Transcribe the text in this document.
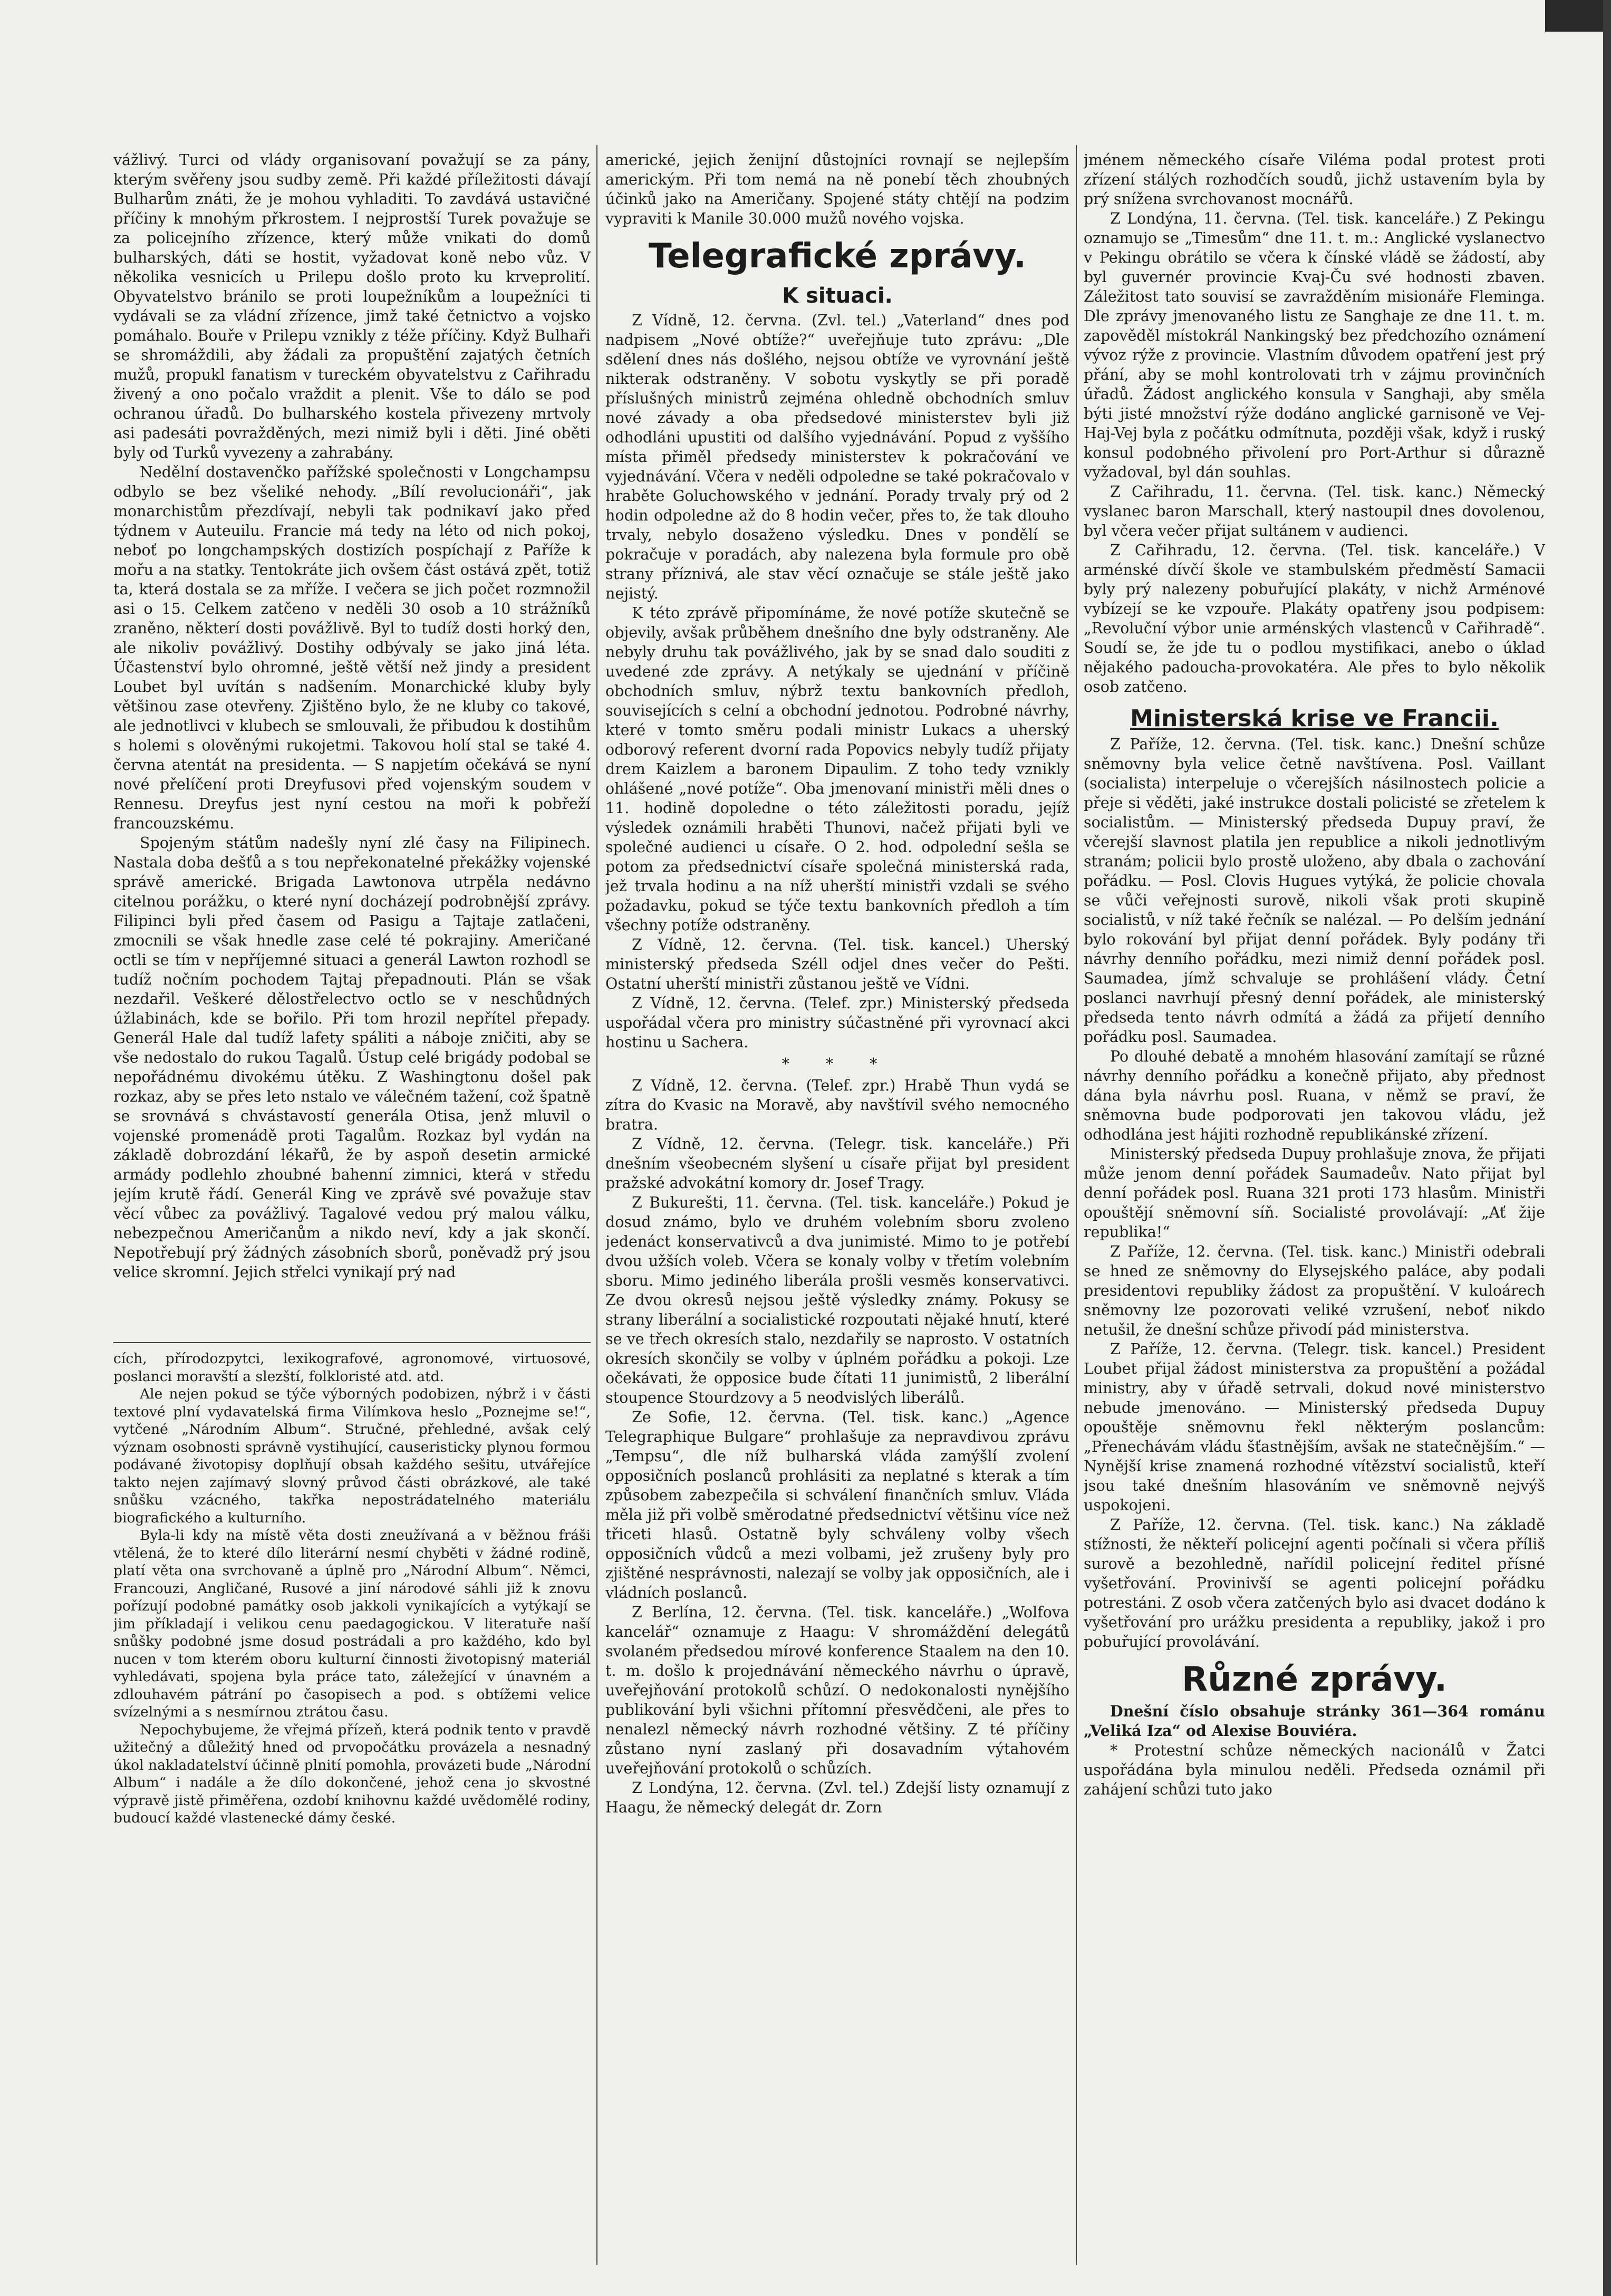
vážlivý. Turci od vlády organisovaní považují se za pány, kterým svěřeny jsou sudby země. Při každé příležitosti dávají Bulharům znáti, že je mohou vyhladiti. To zavdává ustavičné příčiny k mnohým přkrostem. I nejprostší Turek považuje se za policejního zřízence, který může vnikati do domů bulharských, dáti se hostit, vyžadovat koně nebo vůz. V několika vesnicích u Prilepu došlo proto ku krveprolití. Obyvatelstvo bránilo se proti loupežníkům a loupežníci ti vydávali se za vládní zřízence, jimž také četnictvo a vojsko pomáhalo. Bouře v Prilepu vznikly z téže příčiny. Když Bulhaři se shromáždili, aby žádali za propuštění zajatých četních mužů, propukl fanatism v tureckém obyvatelstvu z Cařihradu živený a ono počalo vraždit a plenit. Vše to dálo se pod ochranou úřadů. Do bulharského kostela přivezeny mrtvoly asi padesáti povražděných, mezi nimiž byli i děti. Jiné oběti byly od Turků vyvezeny a zahrabány.

Nedělní dostavenčko pařížské společnosti v Longchampsu odbylo se bez všeliké nehody. „Bílí revolucionáři“, jak monarchistům přezdívají, nebyli tak podnikaví jako před týdnem v Auteuilu. Francie má tedy na léto od nich pokoj, neboť po longchampských dostizích pospíchají z Paříže k mořu a na statky. Tentokráte jich ovšem část ostává zpět, totiž ta, která dostala se za mříže. I večera se jich počet rozmnožil asi o 15. Celkem zatčeno v neděli 30 osob a 10 strážníků zraněno, některí dosti povážlivě. Byl to tudíž dosti horký den, ale nikoliv povážlivý. Dostihy odbývaly se jako jiná léta. Účastenství bylo ohromné, ještě větší než jindy a president Loubet byl uvítán s nadšením. Monarchické kluby byly většinou zase otevřeny. Zjištěno bylo, že ne kluby co takové, ale jednotlivci v klubech se smlouvali, že přibudou k dostihům s holemi s olověnými rukojetmi. Takovou holí stal se také 4. června atentát na presidenta. — S napjetím očekává se nyní nové přelíčení proti Dreyfusovi před vojenským soudem v Rennesu. Dreyfus jest nyní cestou na moři k pobřeží francouzskému.

Spojeným státům nadešly nyní zlé časy na Filipinech. Nastala doba dešťů a s tou nepřekonatelné překážky vojenské správě americké. Brigada Lawtonova utrpěla nedávno citelnou porážku, o které nyní docházejí podrobnější zprávy. Filipinci byli před časem od Pasigu a Tajtaje zatlačeni, zmocnili se však hnedle zase celé té pokrajiny. Američané octli se tím v nepříjemné situaci a generál Lawton rozhodl se tudíž nočním pochodem Tajtaj přepadnouti. Plán se však nezdařil. Veškeré dělostřelectvo octlo se v neschůdných úžlabinách, kde se bořilo. Při tom hrozil nepřítel přepady. Generál Hale dal tudíž lafety spáliti a náboje zničiti, aby se vše nedostalo do rukou Tagalů. Ústup celé brigády podobal se nepořádnému divokému útěku. Z Washingtonu došel pak rozkaz, aby se přes leto nstalo ve válečném tažení, což špatně se srovnává s chvástavostí generála Otisa, jenž mluvil o vojenské promenádě proti Tagalům. Rozkaz byl vydán na základě dobrozdání lékařů, že by aspoň desetin armické armády podlehlo zhoubné bahenní zimnici, která v středu jejím krutě řádí. Generál King ve zprávě své považuje stav věcí vůbec za povážlivý. Tagalové vedou prý malou válku, nebezpečnou Američanům a nikdo neví, kdy a jak skončí. Nepotřebují prý žádných zásobních sborů, poněvadž prý jsou velice skromní. Jejich střelci vynikají prý nad

cích, přírodozpytci, lexikografové, agronomové, virtuosové, poslanci moravští a slezští, folkloristé atd. atd.

Ale nejen pokud se týče výborných podobizen, nýbrž i v části textové plní vydavatelská firma Vilímkova heslo „Poznejme se!“, vytčené „Národním Album“. Stručné, přehledné, avšak celý význam osobnosti správně vystihující, causeristicky plynou formou podávané životopisy doplňují obsah každého sešitu, utvářejíce takto nejen zajímavý slovný průvod části obrázkové, ale také snůšku vzácného, takřka nepostrádatelného materiálu biografického a kulturního.

Byla-li kdy na místě věta dosti zneužívaná a v běžnou fráši vtělená, že to které dílo literární nesmí chyběti v žádné rodině, platí věta ona svrchovaně a úplně pro „Národní Album“. Němci, Francouzi, Angličané, Rusové a jiní národové sáhli již k znovu pořízují podobné památky osob jakkoli vynikajících a vytýkají se jim příkladají i velikou cenu paedagogickou. V literatuře naší snůšky podobné jsme dosud postrádali a pro každého, kdo byl nucen v tom kterém oboru kulturní činnosti životopisný materiál vyhledávati, spojena byla práce tato, záležející v únavném a zdlouhavém pátrání po časopisech a pod. s obtížemi velice svízelnými a s nesmírnou ztrátou času.

Nepochybujeme, že vřejmá přízeň, která podnik tento v pravdě užitečný a důležitý hned od prvopočátku provázela a nesnadný úkol nakladatelství účinně plnití pomohla, provázeti bude „Národní Album“ i nadále a že dílo dokončené, jehož cena jo skvostné výpravě jistě přiměřena, ozdobí knihovnu každé uvědomělé rodiny, budoucí každé vlastenecké dámy české.

americké, jejich ženijní důstojníci rovnají se nejlepším americkým. Při tom nemá na ně ponebí těch zhoubných účinků jako na Američany. Spojené státy chtějí na podzim vypraviti k Manile 30.000 mužů nového vojska.

Telegrafické zprávy.
K situaci.

Z Vídně, 12. června. (Zvl. tel.) „Vaterland“ dnes pod nadpisem „Nové obtíže?“ uveřejňuje tuto zprávu: „Dle sdělení dnes nás došlého, nejsou obtíže ve vyrovnání ještě nikterak odstraněny. V sobotu vyskytly se při poradě příslušných ministrů zejména ohledně obchodních smluv nové závady a oba předsedové ministerstev byli již odhodláni upustiti od dalšího vyjednávání. Popud z vyššího místa přiměl předsedy ministerstev k pokračování ve vyjednávání. Včera v neděli odpoledne se také pokračovalo v hraběte Goluchowského v jednání. Porady trvaly prý od 2 hodin odpoledne až do 8 hodin večer, přes to, že tak dlouho trvaly, nebylo dosaženo výsledku. Dnes v pondělí se pokračuje v poradách, aby nalezena byla formule pro obě strany příznivá, ale stav věcí označuje se stále ještě jako nejistý.

K této zprávě připomínáme, že nové potíže skutečně se objevily, avšak průběhem dnešního dne byly odstraněny. Ale nebyly druhu tak povážlivého, jak by se snad dalo souditi z uvedené zde zprávy. A netýkaly se ujednání v příčině obchodních smluv, nýbrž textu bankovních předloh, souvisejících s celní a obchodní jednotou. Podrobné návrhy, které v tomto směru podali ministr Lukacs a uherský odborový referent dvorní rada Popovics nebyly tudíž přijaty drem Kaizlem a baronem Dipaulim. Z toho tedy vznikly ohlášené „nové potíže“. Oba jmenovaní ministři měli dnes o 11. hodině dopoledne o této záležitosti poradu, jejíž výsledek oznámili hraběti Thunovi, načež přijati byli ve společné audienci u císaře. O 2. hod. odpolední sešla se potom za předsednictví císaře společná ministerská rada, jež trvala hodinu a na níž uherští ministři vzdali se svého požadavku, pokud se týče textu bankovních předloh a tím všechny potíže odstraněny.

Z Vídně, 12. června. (Tel. tisk. kancel.) Uherský ministerský předseda Széll odjel dnes večer do Pešti. Ostatní uherští ministři zůstanou ještě ve Vídni.

Z Vídně, 12. června. (Telef. zpr.) Ministerský předseda uspořádal včera pro ministry súčastněné při vyrovnací akci hostinu u Sachera.

* * *

Z Vídně, 12. června. (Telef. zpr.) Hrabě Thun vydá se zítra do Kvasic na Moravě, aby navštívil svého nemocného bratra.

Z Vídně, 12. června. (Telegr. tisk. kanceláře.) Při dnešním všeobecném slyšení u císaře přijat byl president pražské advokátní komory dr. Josef Tragy.

Z Bukurešti, 11. června. (Tel. tisk. kanceláře.) Pokud je dosud známo, bylo ve druhém volebním sboru zvoleno jedenáct konservativců a dva junimisté. Mimo to je potřebí dvou užších voleb. Včera se konaly volby v třetím volebním sboru. Mimo jediného liberála prošli vesměs konservativci. Ze dvou okresů nejsou ještě výsledky známy. Pokusy se strany liberální a socialistické rozpoutati nějaké hnutí, které se ve třech okresích stalo, nezdařily se naprosto. V ostatních okresích skončily se volby v úplném pořádku a pokoji. Lze očekávati, že opposice bude čítati 11 junimistů, 2 liberální stoupence Stourdzovy a 5 neodvislých liberálů.

Ze Sofie, 12. června. (Tel. tisk. kanc.) „Agence Telegraphique Bulgare“ prohlašuje za nepravdivou zprávu „Tempsu“, dle níž bulharská vláda zamýšlí zvolení opposičních poslanců prohlásiti za neplatné s kterak a tím způsobem zabezpečila si schválení finančních smluv. Vláda měla již při volbě směrodatné předsednictví většinu více než třiceti hlasů. Ostatně byly schváleny volby všech opposičních vůdců a mezi volbami, jež zrušeny byly pro zjištěné nesprávnosti, nalezají se volby jak opposičních, ale i vládních poslanců.

Z Berlína, 12. června. (Tel. tisk. kanceláře.) „Wolfova kancelář“ oznamuje z Haagu: V shromáždění delegátů svolaném předsedou mírové konference Staalem na den 10. t. m. došlo k projednávání německého návrhu o úpravě, uveřejňování protokolů schůzí. O nedokonalosti nynějšího publikování byli všichni přítomní přesvědčeni, ale přes to nenalezl německý návrh rozhodné většiny. Z té příčiny zůstano nyní zaslaný při dosavadním výtahovém uveřejňování protokolů o schůzích.

Z Londýna, 12. června. (Zvl. tel.) Zdejší listy oznamují z Haagu, že německý delegát dr. Zorn

jménem německého císaře Viléma podal protest proti zřízení stálých rozhodčích soudů, jichž ustavením byla by prý snížena svrchovanost mocnářů.

Z Londýna, 11. června. (Tel. tisk. kanceláře.) Z Pekingu oznamujo se „Timesům“ dne 11. t. m.: Anglické vyslanectvo v Pekingu obrátilo se včera k čínské vládě se žádostí, aby byl guvernér provincie Kvaj-Ču své hodnosti zbaven. Záležitost tato souvisí se zavražděním misionáře Fleminga. Dle zprávy jmenovaného listu ze Sanghaje ze dne 11. t. m. zapověděl místokrál Nankingský bez předchozího oznámení vývoz rýže z provincie. Vlastním důvodem opatření jest prý přání, aby se mohl kontrolovati trh v zájmu provinčních úřadů. Žádost anglického konsula v Sanghaji, aby směla býti jisté množství rýže dodáno anglické garnisoně ve Vej-Haj-Vej byla z počátku odmítnuta, později však, když i ruský konsul podobného přivolení pro Port-Arthur si důrazně vyžadoval, byl dán souhlas.

Z Cařihradu, 11. června. (Tel. tisk. kanc.) Německý vyslanec baron Marschall, který nastoupil dnes dovolenou, byl včera večer přijat sultánem v audienci.

Z Cařihradu, 12. června. (Tel. tisk. kanceláře.) V arménské dívčí škole ve stambulském předměstí Samacii byly prý nalezeny pobuřující plakáty, v nichž Arménové vybízejí se ke vzpouře. Plakáty opatřeny jsou podpisem: „Revoluční výbor unie arménských vlastenců v Cařihradě“. Soudí se, že jde tu o podlou mystifikaci, anebo o úklad nějakého padoucha-provokatéra. Ale přes to bylo několik osob zatčeno.

Ministerská krise ve Francii.

Z Paříže, 12. června. (Tel. tisk. kanc.) Dnešní schůze sněmovny byla velice četně navštívena. Posl. Vaillant (socialista) interpeluje o včerejších násilnostech policie a přeje si věděti, jaké instrukce dostali policisté se zřetelem k socialistům. — Ministerský předseda Dupuy praví, že včerejší slavnost platila jen republice a nikoli jednotlivým stranám; policii bylo prostě uloženo, aby dbala o zachování pořádku. — Posl. Clovis Hugues vytýká, že policie chovala se vůči veřejnosti surově, nikoli však proti skupině socialistů, v níž také řečník se nalézal. — Po delším jednání bylo rokování byl přijat denní pořádek. Byly podány tři návrhy denního pořádku, mezi nimiž denní pořádek posl. Saumadea, jímž schvaluje se prohlášení vlády. Četní poslanci navrhují přesný denní pořádek, ale ministerský předseda tento návrh odmítá a žádá za přijetí denního pořádku posl. Saumadea.

Po dlouhé debatě a mnohém hlasování zamítají se různé návrhy denního pořádku a konečně přijato, aby přednost dána byla návrhu posl. Ruana, v němž se praví, že sněmovna bude podporovati jen takovou vládu, jež odhodlána jest hájiti rozhodně republikánské zřízení.

Ministerský předseda Dupuy prohlašuje znova, že přijati může jenom denní pořádek Saumadeův. Nato přijat byl denní pořádek posl. Ruana 321 proti 173 hlasům. Ministři opouštějí sněmovní síň. Socialisté provolávají: „Ať žije republika!“

Z Paříže, 12. června. (Tel. tisk. kanc.) Ministři odebrali se hned ze sněmovny do Elysejského paláce, aby podali presidentovi republiky žádost za propuštění. V kuloárech sněmovny lze pozorovati veliké vzrušení, neboť nikdo netušil, že dnešní schůze přivodí pád ministerstva.

Z Paříže, 12. června. (Telegr. tisk. kancel.) President Loubet přijal žádost ministerstva za propuštění a požádal ministry, aby v úřadě setrvali, dokud nové ministerstvo nebude jmenováno. — Ministerský předseda Dupuy opouštěje sněmovnu řekl některým poslancům: „Přenechávám vládu šťastnějším, avšak ne statečnějším.“ — Nynější krise znamená rozhodné vítězství socialistů, kteří jsou také dnešním hlasováním ve sněmovně nejvýš uspokojeni.

Z Paříže, 12. června. (Tel. tisk. kanc.) Na základě stížnosti, že někteří policejní agenti počínali si včera příliš surově a bezohledně, nařídil policejní ředitel přísné vyšetřování. Provinivší se agenti policejní pořádku potrestáni. Z osob včera zatčených bylo asi dvacet dodáno k vyšetřování pro urážku presidenta a republiky, jakož i pro pobuřující provolávání.

Různé zprávy.

Dnešní číslo obsahuje stránky 361—364 románu „Veliká Iza“ od Alexise Bouviéra.

* Protestní schůze německých nacionálů v Žatci uspořádána byla minulou neděli. Předseda oznámil při zahájení schůzi tuto jako
